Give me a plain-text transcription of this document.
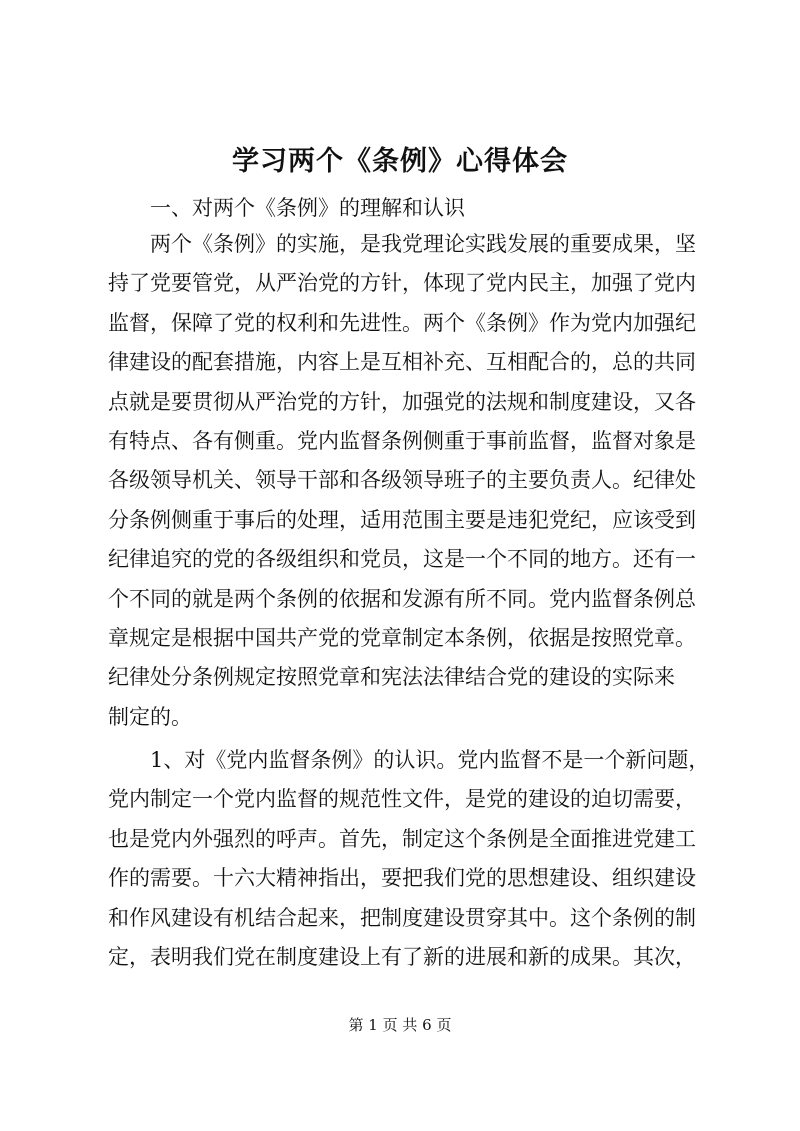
学习两个《条例》心得体会
一、对两个《条例》的理解和认识

两个《条例》的实施，是我党理论实践发展的重要成果，坚
持了党要管党，从严治党的方针，体现了党内民主，加强了党内
监督，保障了党的权利和先进性。两个《条例》作为党内加强纪
律建设的配套措施，内容上是互相补充、互相配合的，总的共同
点就是要贯彻从严治党的方针，加强党的法规和制度建设，又各
有特点、各有侧重。党内监督条例侧重于事前监督，监督对象是
各级领导机关、领导干部和各级领导班子的主要负责人。纪律处
分条例侧重于事后的处理，适用范围主要是违犯党纪，应该受到
纪律追究的党的各级组织和党员，这是一个不同的地方。还有一
个不同的就是两个条例的依据和发源有所不同。党内监督条例总
章规定是根据中国共产党的党章制定本条例，依据是按照党章。
纪律处分条例规定按照党章和宪法法律结合党的建设的实际来
制定的。

1、对《党内监督条例》的认识。党内监督不是一个新问题，
党内制定一个党内监督的规范性文件，是党的建设的迫切需要，
也是党内外强烈的呼声。首先，制定这个条例是全面推进党建工
作的需要。十六大精神指出，要把我们党的思想建设、组织建设
和作风建设有机结合起来，把制度建设贯穿其中。这个条例的制
定，表明我们党在制度建设上有了新的进展和新的成果。其次，

第 1 页 共 6 页
